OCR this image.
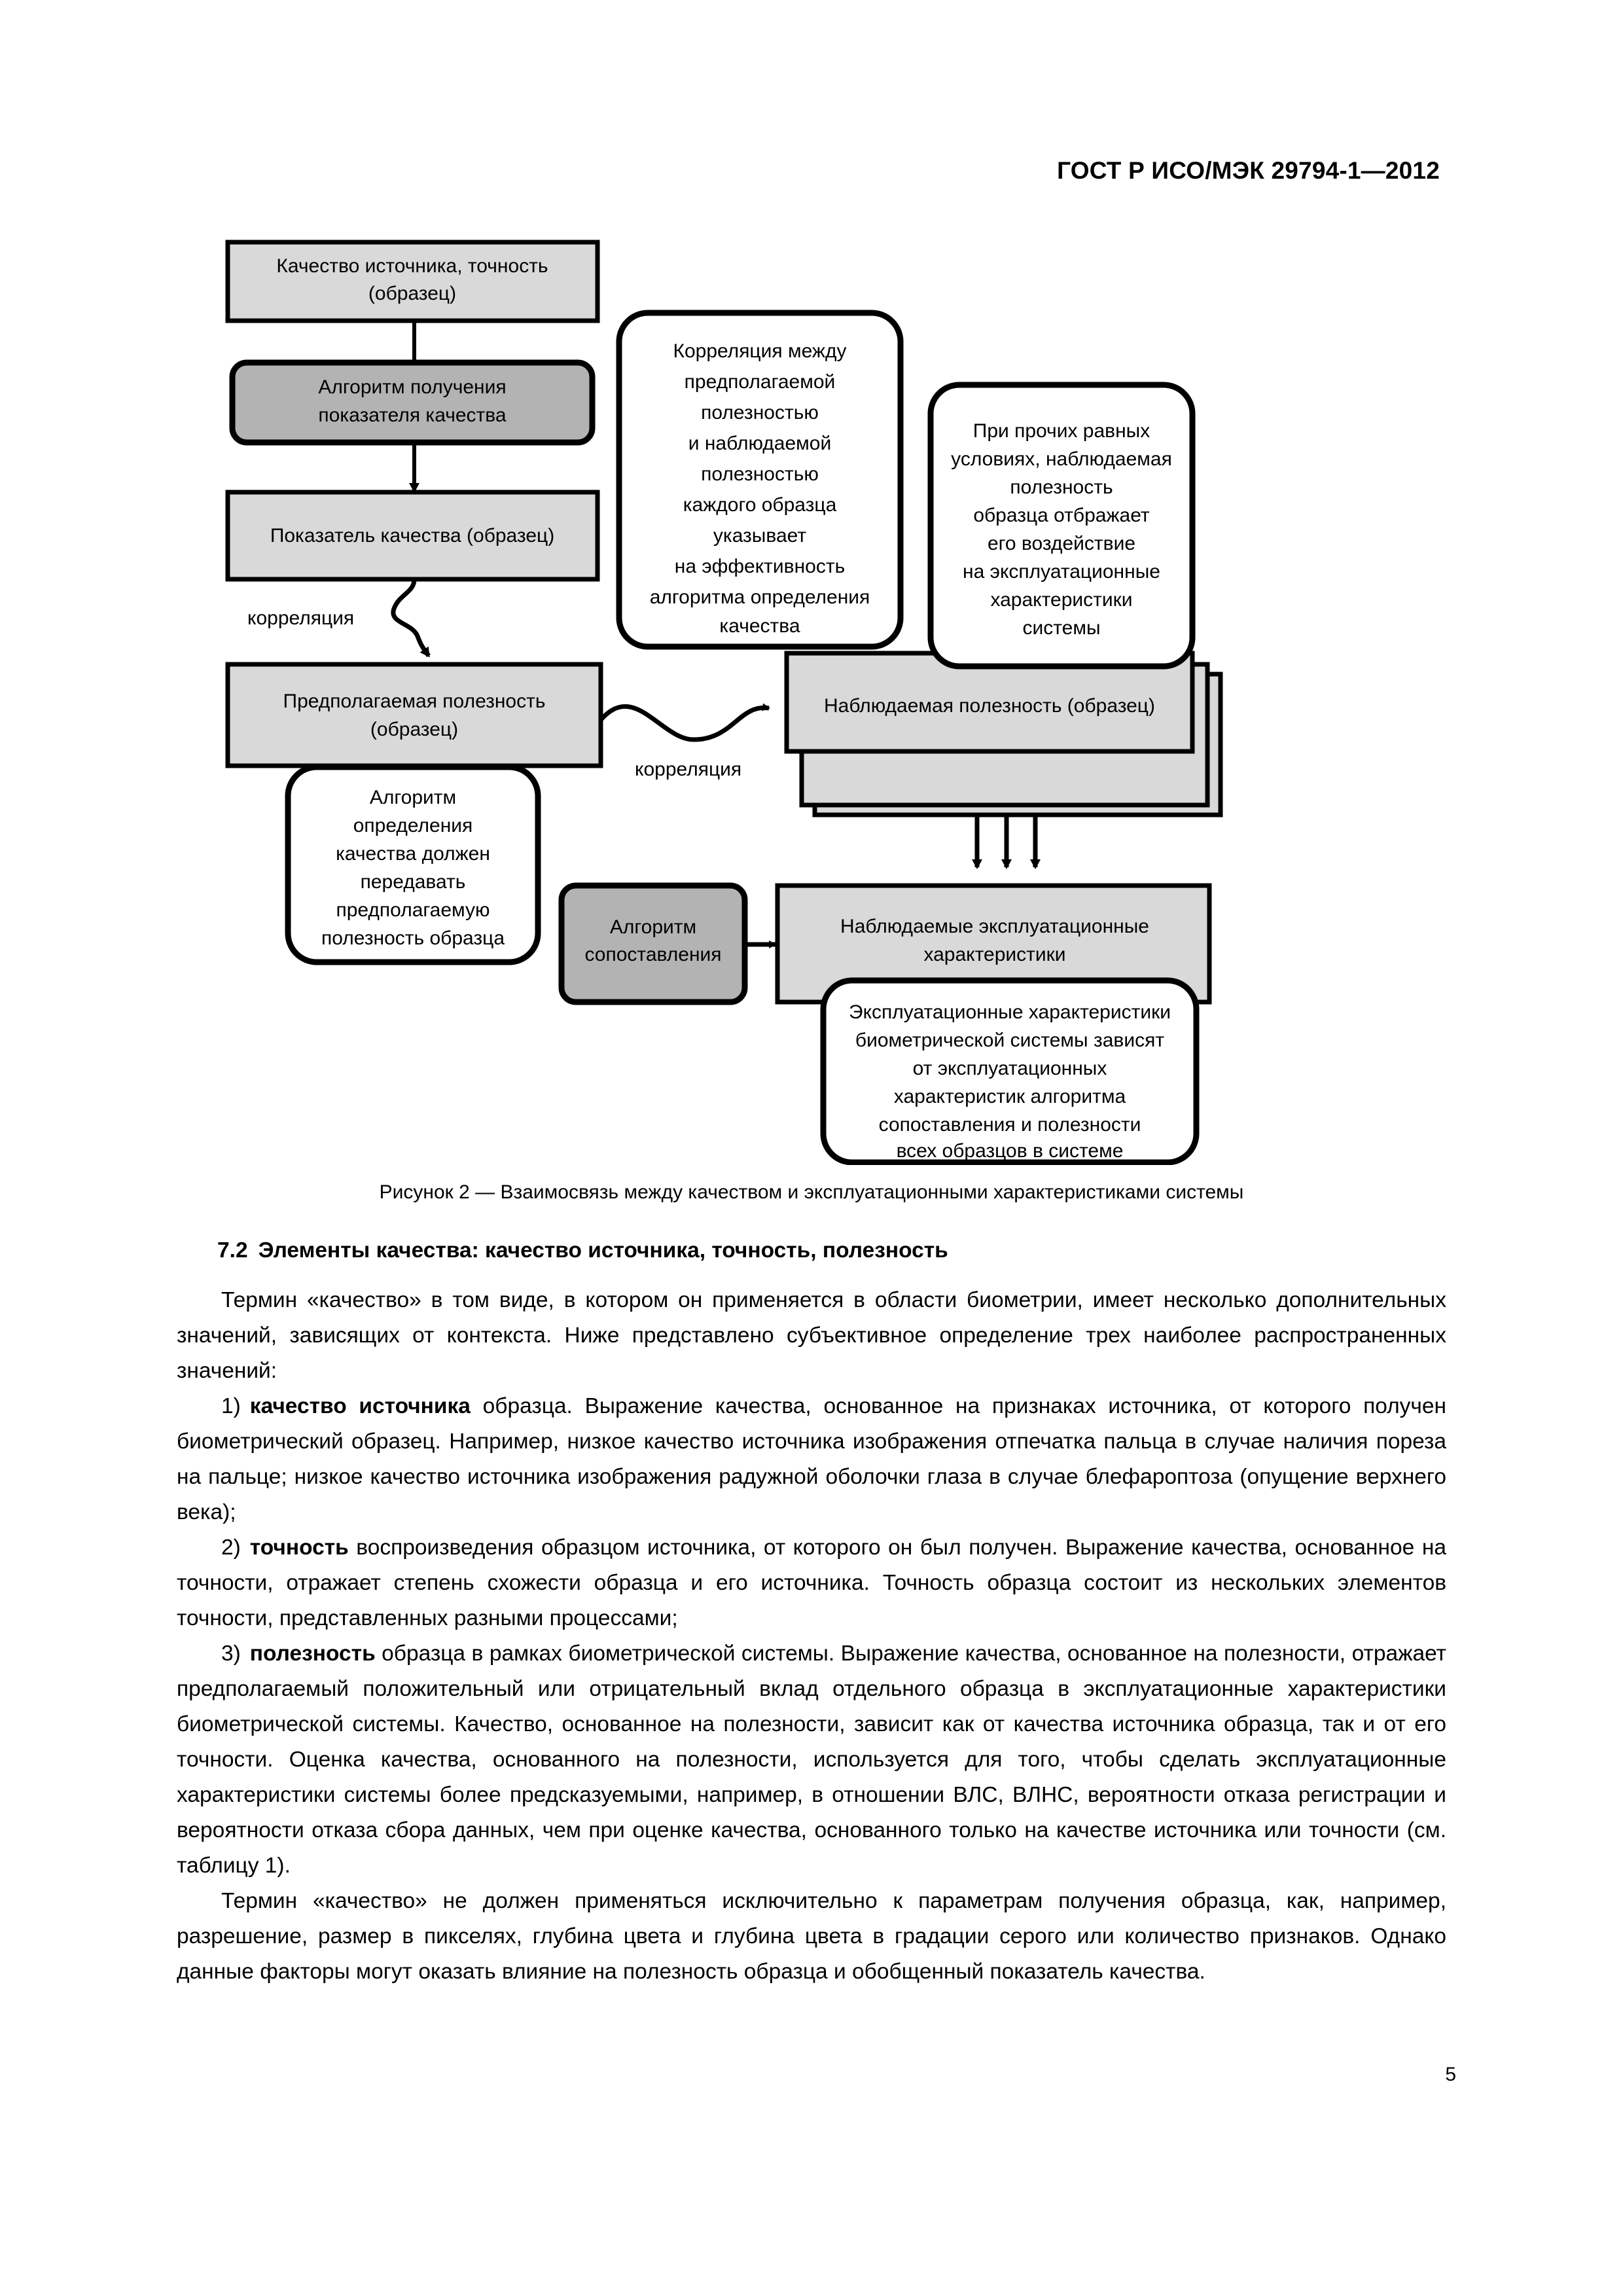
ГОСТ Р ИСО/МЭК 29794-1—2012
Качество источника, точность
(образец)
Алгоритм получения
показателя качества
Показатель качества (образец)
корреляция
Предполагаемая полезность
(образец)
корреляция
Наблюдаемая полезность (образец)
Алгоритм
сопоставления
Наблюдаемые эксплуатационные
характеристики
Корреляция между
предполагаемой
полезностью
и наблюдаемой
полезностью
каждого образца
указывает
на эффективность
алгоритма определения
качества
При прочих равных
условиях, наблюдаемая
полезность
образца отбражает
его воздействие
на эксплуатационные
характеристики
системы
Алгоритм
определения
качества должен
передавать
предполагаемую
полезность образца
Эксплуатационные характеристики
биометрической системы зависят
от эксплуатационных
характеристик алгоритма
сопоставления и полезности
всех образцов в системе
Рисунок 2 — Взаимосвязь между качеством и эксплуатационными характеристиками системы
7.2 Элементы качества: качество источника, точность, полезность

Термин «качество» в том виде, в котором он применяется в области биометрии, имеет несколько дополнительных значений, зависящих от контекста. Ниже представлено субъективное определение трех наиболее распространенных значений:

1) качество источника образца. Выражение качества, основанное на признаках источника, от которого получен биометрический образец. Например, низкое качество источника изображения отпечатка пальца в случае наличия пореза на пальце; низкое качество источника изображения радужной оболочки глаза в случае блефароптоза (опущение верхнего века);

2) точность воспроизведения образцом источника, от которого он был получен. Выражение качества, основанное на точности, отражает степень схожести образца и его источника. Точность образца состоит из нескольких элементов точности, представленных разными процессами;

3) полезность образца в рамках биометрической системы. Выражение качества, основанное на полезности, отражает предполагаемый положительный или отрицательный вклад отдельного образца в эксплуатационные характеристики биометрической системы. Качество, основанное на полезности, зависит как от качества источника образца, так и от его точности. Оценка качества, основанного на полезности, используется для того, чтобы сделать эксплуатационные характеристики системы более предсказуемыми, например, в отношении ВЛС, ВЛНС, вероятности отказа регистрации и вероятности отказа сбора данных, чем при оценке качества, основанного только на качестве источника или точности (см. таблицу 1).

Термин «качество» не должен применяться исключительно к параметрам получения образца, как, например, разрешение, размер в пикселях, глубина цвета и глубина цвета в градации серого или количество признаков. Однако данные факторы могут оказать влияние на полезность образца и обобщенный показатель качества.

5
